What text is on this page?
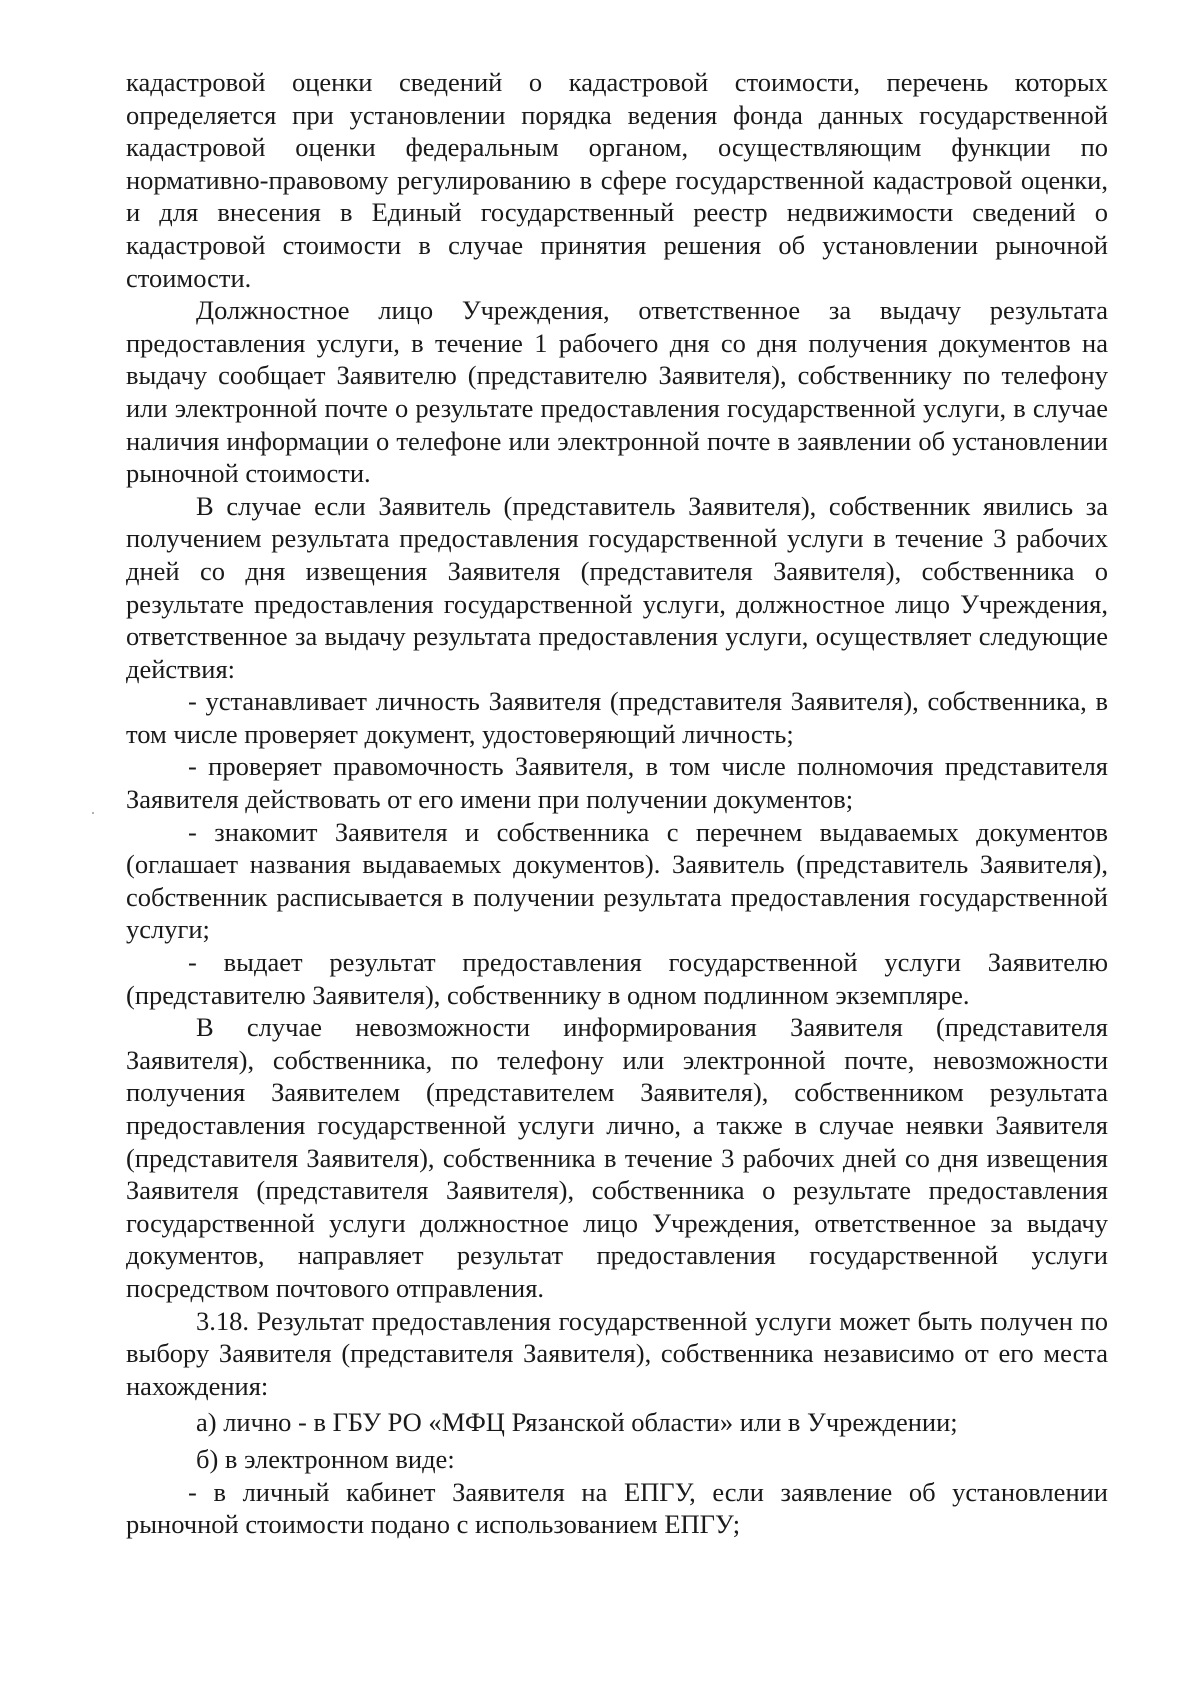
кадастровой оценки сведений о кадастровой стоимости, перечень которых определяется при установлении порядка ведения фонда данных государственной кадастровой оценки федеральным органом, осуществляющим функции по нормативно-правовому регулированию в сфере государственной кадастровой оценки, и для внесения в Единый государственный реестр недвижимости сведений о кадастровой стоимости в случае принятия решения об установлении рыночной стоимости.

Должностное лицо Учреждения, ответственное за выдачу результата предоставления услуги, в течение 1 рабочего дня со дня получения документов на выдачу сообщает Заявителю (представителю Заявителя), собственнику по телефону или электронной почте о результате предоставления государственной услуги, в случае наличия информации о телефоне или электронной почте в заявлении об установлении рыночной стоимости.

В случае если Заявитель (представитель Заявителя), собственник явились за получением результата предоставления государственной услуги в течение 3 рабочих дней со дня извещения Заявителя (представителя Заявителя), собственника о результате предоставления государственной услуги, должностное лицо Учреждения, ответственное за выдачу результата предоставления услуги, осуществляет следующие действия:

- устанавливает личность Заявителя (представителя Заявителя), собственника, в том числе проверяет документ, удостоверяющий личность;

- проверяет правомочность Заявителя, в том числе полномочия представителя Заявителя действовать от его имени при получении документов;

- знакомит Заявителя и собственника с перечнем выдаваемых документов (оглашает названия выдаваемых документов). Заявитель (представитель Заявителя), собственник расписывается в получении результата предоставления государственной услуги;

- выдает результат предоставления государственной услуги Заявителю (представителю Заявителя), собственнику в одном подлинном экземпляре.

В случае невозможности информирования Заявителя (представителя Заявителя), собственника, по телефону или электронной почте, невозможности получения Заявителем (представителем Заявителя), собственником результата предоставления государственной услуги лично, а также в случае неявки Заявителя (представителя Заявителя), собственника в течение 3 рабочих дней со дня извещения Заявителя (представителя Заявителя), собственника о результате предоставления государственной услуги должностное лицо Учреждения, ответственное за выдачу документов, направляет результат предоставления государственной услуги посредством почтового отправления.

3.18. Результат предоставления государственной услуги может быть получен по выбору Заявителя (представителя Заявителя), собственника независимо от его места нахождения:

а) лично - в ГБУ РО «МФЦ Рязанской области» или в Учреждении;

б) в электронном виде:

- в личный кабинет Заявителя на ЕПГУ, если заявление об установлении рыночной стоимости подано с использованием ЕПГУ;
